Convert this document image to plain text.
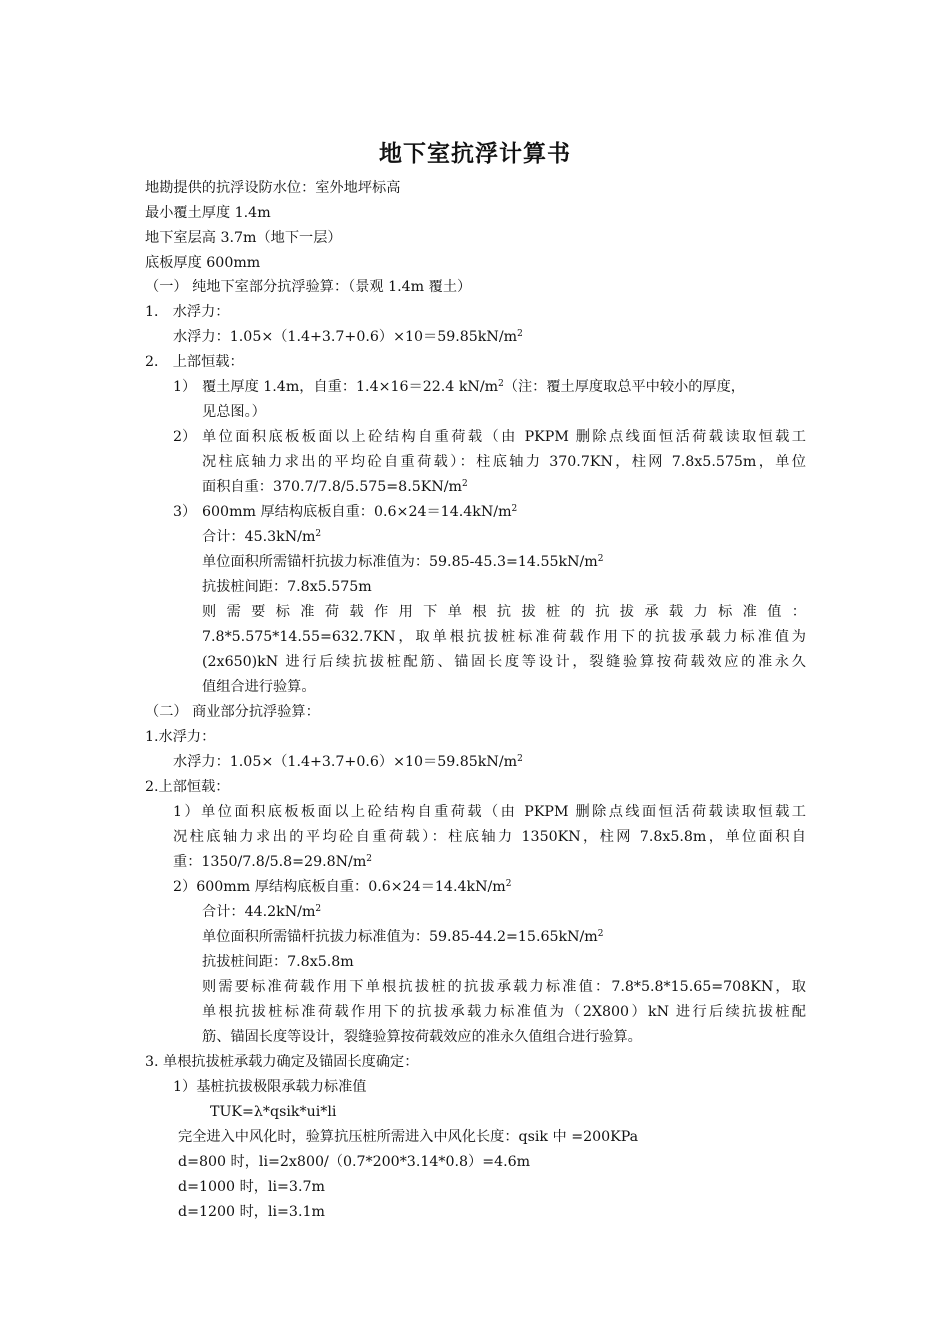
地下室抗浮计算书
地勘提供的抗浮设防水位：室外地坪标高
最小覆土厚度 1.4m
地下室层高 3.7m（地下一层）
底板厚度 600mm
（一） 纯地下室部分抗浮验算：（景观 1.4m 覆土）
1． 水浮力：
水浮力：$1.05\times(1.4+3.7+0.6)\times 10=59.85kN/m^2$
2． 上部恒载：
1） 覆土厚度 1.4m，自重：1.4×16＝22.4 $kN/m^2$（注：覆土厚度取总平中较小的厚度，
见总图。）
2） 单位面积底板板面以上砼结构自重荷载（由 PKPM 删除点线面恒活荷载读取恒载工
况柱底轴力求出的平均砼自重荷载）：柱底轴力 370.7KN，柱网 7.8x5.575m，单位
面积自重：$370.7/7.8/5.575=8.5KN/m^2$
3） 600mm 厚结构底板自重：$0.6\times 24=14.4kN/m^2$
合计：$45.3kN/m^2$
单位面积所需锚杆抗拔力标准值为：$59.85-45.3=14.55kN/m^2$
抗拔桩间距：7.8x5.575m
则需要标准荷载作用下单根抗拔桩的抗拔承载力标准值：
7.8*5.575*14.55=632.7KN，取单根抗拔桩标准荷载作用下的抗拔承载力标准值为
(2x650)kN 进行后续抗拔桩配筋、锚固长度等设计，裂缝验算按荷载效应的准永久
值组合进行验算。
（二） 商业部分抗浮验算：
1.水浮力：
水浮力：$1.05\times(1.4+3.7+0.6)\times 10=59.85kN/m^2$
2.上部恒载：
1）单位面积底板板面以上砼结构自重荷载（由 PKPM 删除点线面恒活荷载读取恒载工
况柱底轴力求出的平均砼自重荷载）：柱底轴力 1350KN，柱网 7.8x5.8m，单位面积自
重：$1350/7.8/5.8=29.8N/m^2$
2）600mm 厚结构底板自重：$0.6\times 24=14.4kN/m^2$
合计：$44.2kN/m^2$
单位面积所需锚杆抗拔力标准值为：$59.85-44.2=15.65kN/m^2$
抗拔桩间距：7.8x5.8m
则需要标准荷载作用下单根抗拔桩的抗拔承载力标准值：7.8*5.8*15.65=708KN，取
单根抗拔桩标准荷载作用下的抗拔承载力标准值为（2X800）kN 进行后续抗拔桩配
筋、锚固长度等设计，裂缝验算按荷载效应的准永久值组合进行验算。
3. 单根抗拔桩承载力确定及锚固长度确定：
1）基桩抗拔极限承载力标准值
TUK=λ*qsik*ui*li
完全进入中风化时，验算抗压桩所需进入中风化长度：qsik 中 =200KPa
d=800 时，li=2x800/（0.7*200*3.14*0.8）=4.6m
d=1000 时，li=3.7m
d=1200 时，li=3.1m
